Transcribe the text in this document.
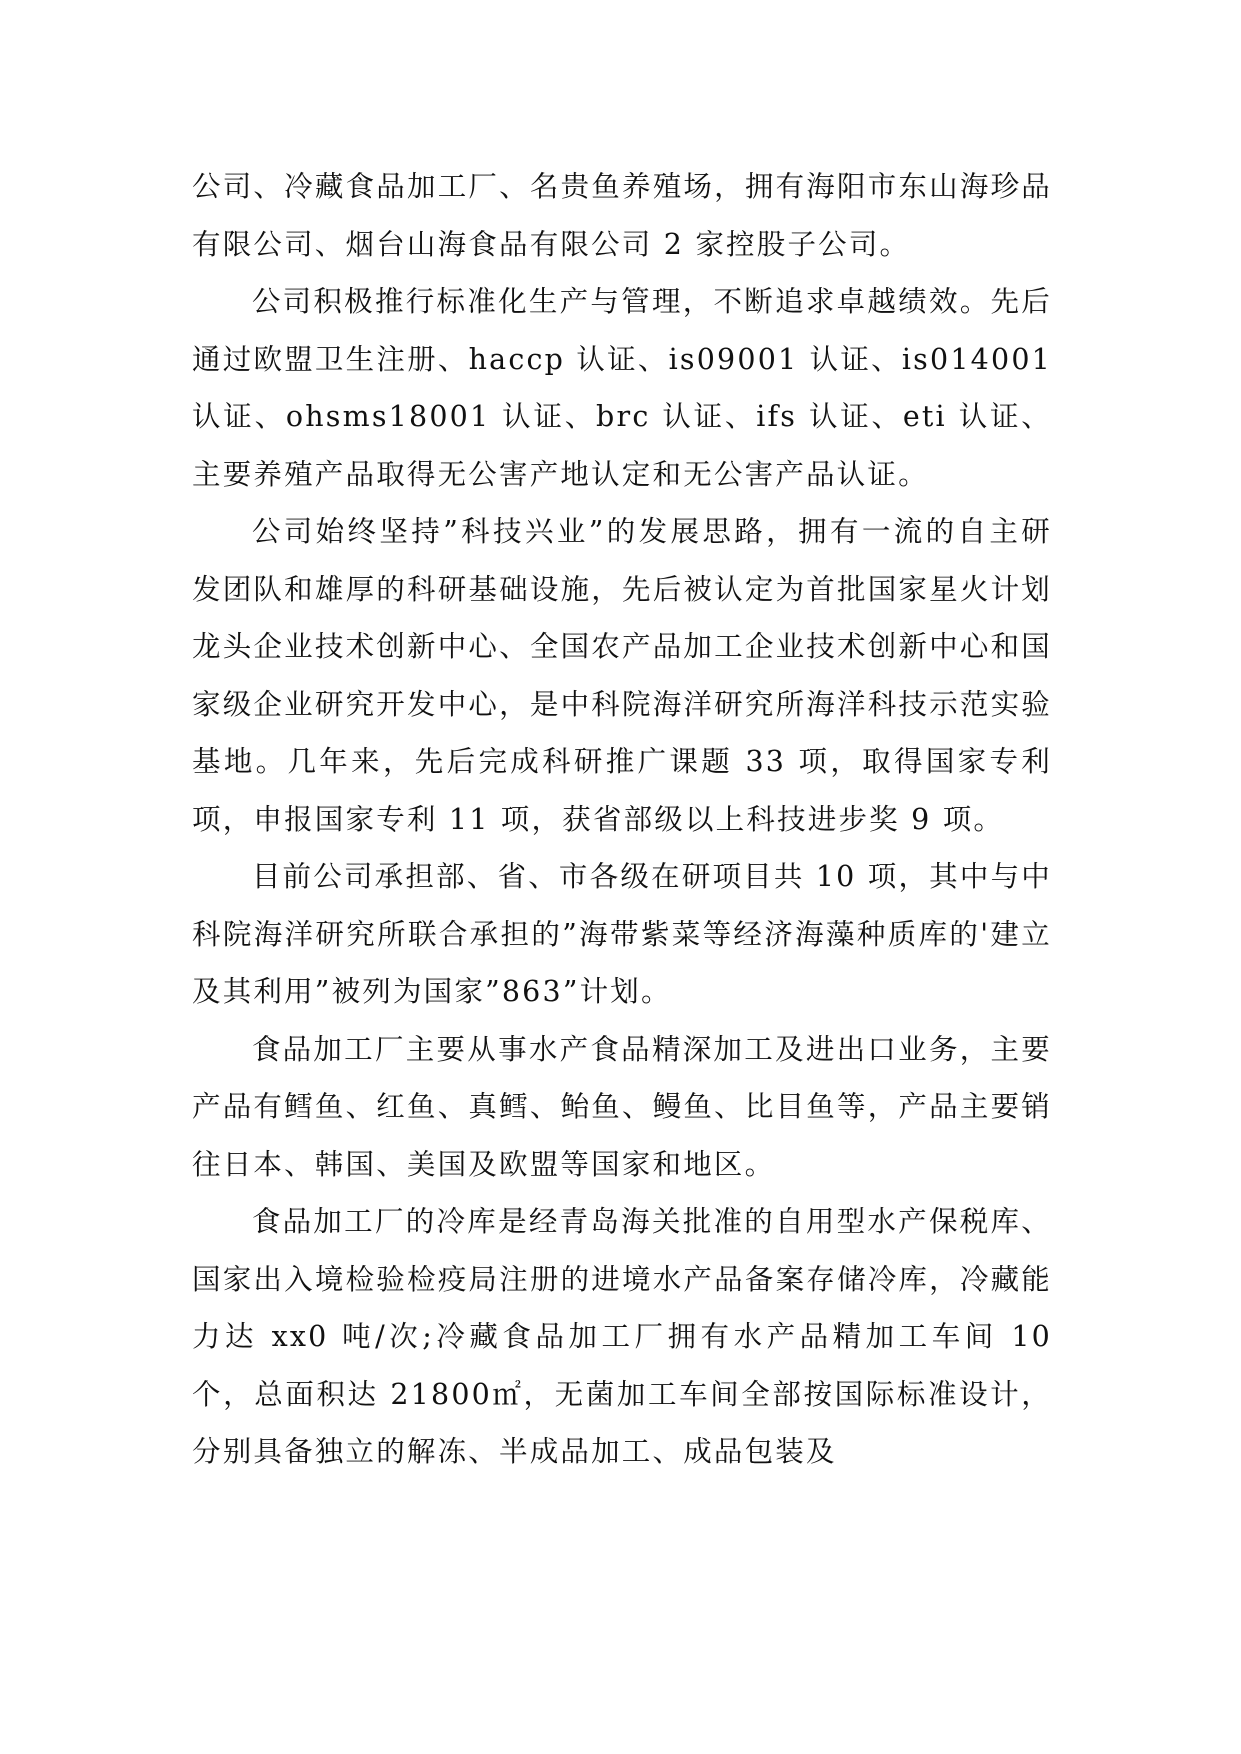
公司、冷藏食品加工厂、名贵鱼养殖场，拥有海阳市东山海珍品有限公司、烟台山海食品有限公司 2 家控股子公司。

公司积极推行标准化生产与管理，不断追求卓越绩效。先后通过欧盟卫生注册、haccp 认证、is09001 认证、is014001 认证、ohsms18001 认证、brc 认证、ifs 认证、eti 认证、主要养殖产品取得无公害产地认定和无公害产品认证。

公司始终坚持”科技兴业”的发展思路，拥有一流的自主研发团队和雄厚的科研基础设施，先后被认定为首批国家星火计划龙头企业技术创新中心、全国农产品加工企业技术创新中心和国家级企业研究开发中心，是中科院海洋研究所海洋科技示范实验基地。几年来，先后完成科研推广课题 33 项，取得国家专利项，申报国家专利 11 项，获省部级以上科技进步奖 9 项。

目前公司承担部、省、市各级在研项目共 10 项，其中与中科院海洋研究所联合承担的”海带紫菜等经济海藻种质库的'建立及其利用”被列为国家”863”计划。

食品加工厂主要从事水产食品精深加工及进出口业务，主要产品有鳕鱼、红鱼、真鳕、鲐鱼、鳗鱼、比目鱼等，产品主要销往日本、韩国、美国及欧盟等国家和地区。

食品加工厂的冷库是经青岛海关批准的自用型水产保税库、国家出入境检验检疫局注册的进境水产品备案存储冷库，冷藏能力达 xx0 吨/次;冷藏食品加工厂拥有水产品精加工车间 10 个，总面积达 21800㎡，无菌加工车间全部按国际标准设计，分别具备独立的解冻、半成品加工、成品包装及
